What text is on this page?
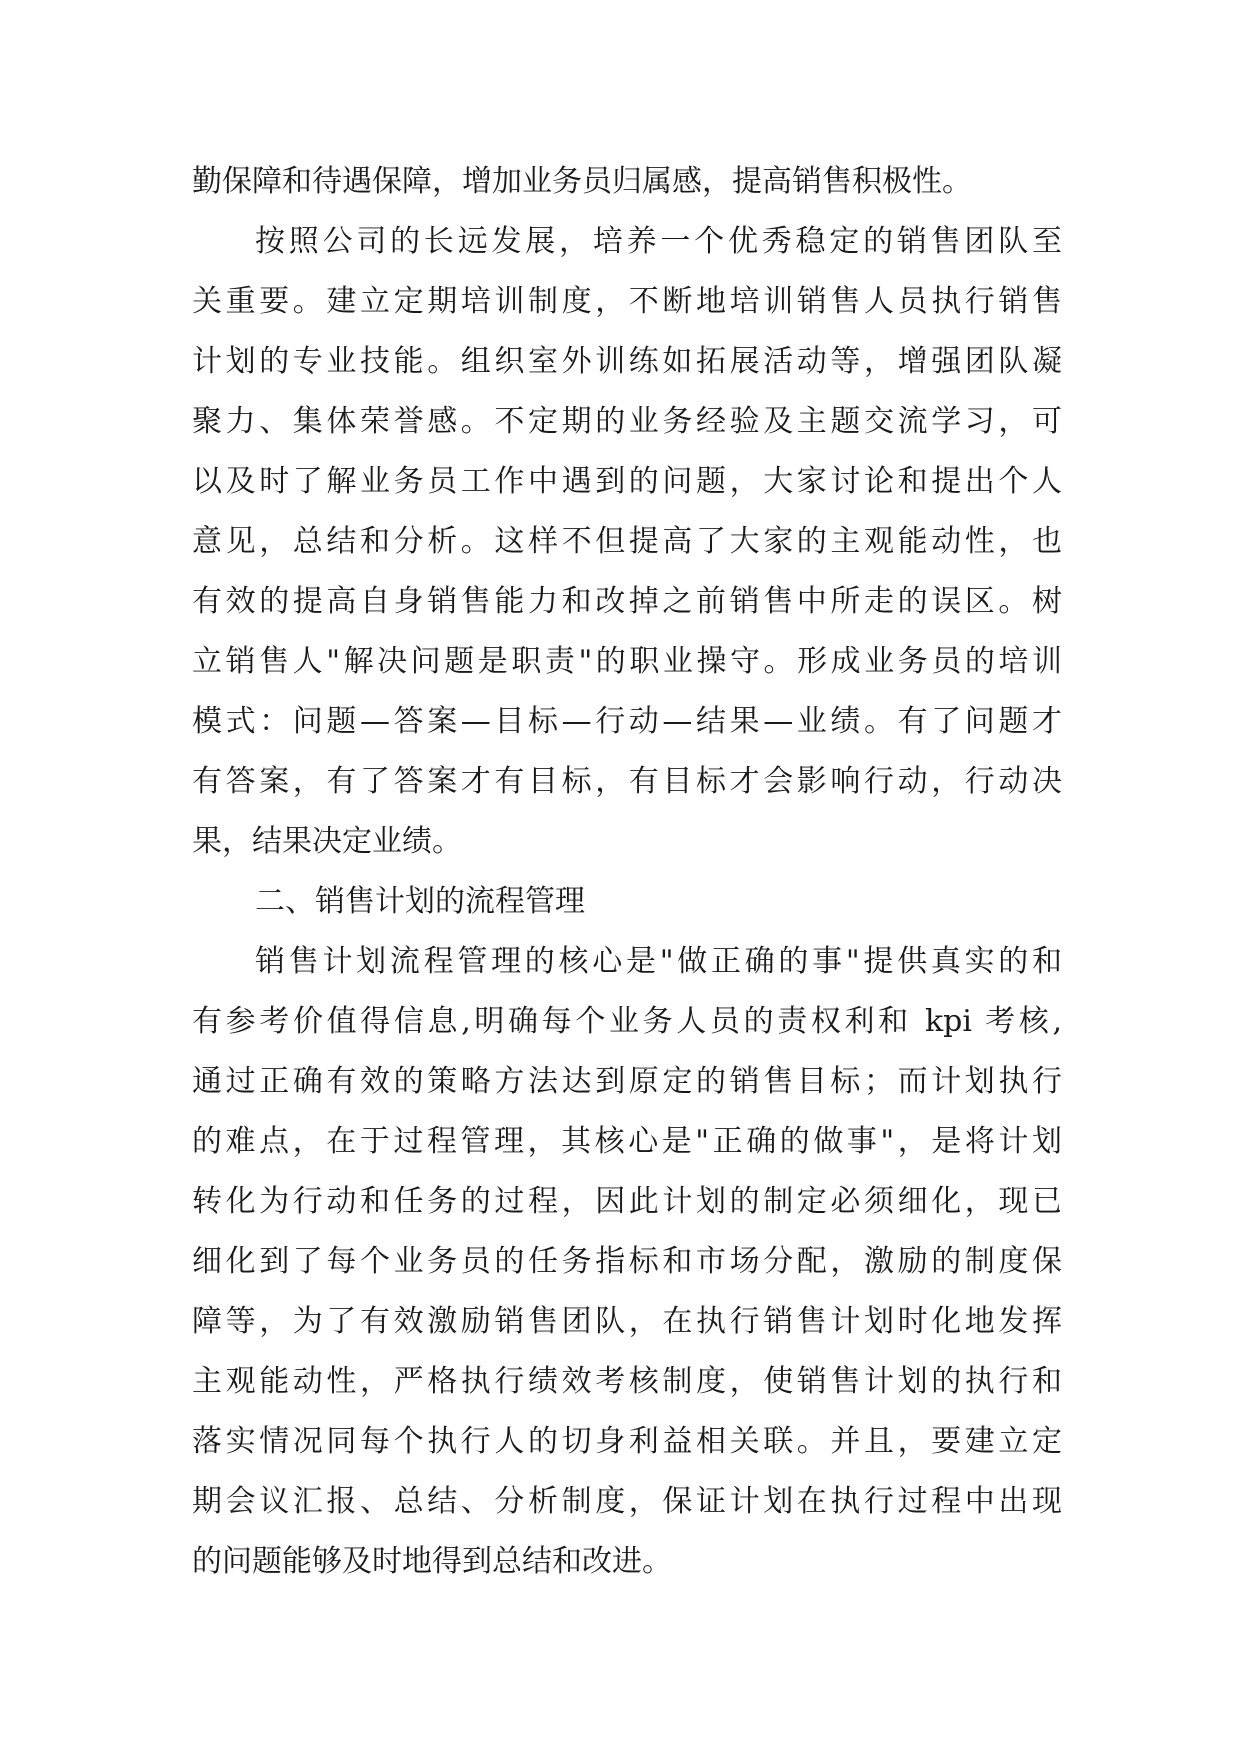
勤保障和待遇保障，增加业务员归属感，提高销售积极性。
按照公司的长远发展，培养一个优秀稳定的销售团队至
关重要。建立定期培训制度，不断地培训销售人员执行销售
计划的专业技能。组织室外训练如拓展活动等，增强团队凝
聚力、集体荣誉感。不定期的业务经验及主题交流学习，可
以及时了解业务员工作中遇到的问题，大家讨论和提出个人
意见，总结和分析。这样不但提高了大家的主观能动性，也
有效的提高自身销售能力和改掉之前销售中所走的误区。树
立销售人"解决问题是职责"的职业操守。形成业务员的培训
模式：问题—答案—目标—行动—结果—业绩。有了问题才
有答案，有了答案才有目标，有目标才会影响行动，行动决
果，结果决定业绩。
二、销售计划的流程管理
销售计划流程管理的核心是"做正确的事"提供真实的和
有参考价值得信息,明确每个业务人员的责权利和 kpi 考核,
通过正确有效的策略方法达到原定的销售目标；而计划执行
的难点，在于过程管理，其核心是"正确的做事"，是将计划
转化为行动和任务的过程，因此计划的制定必须细化，现已
细化到了每个业务员的任务指标和市场分配，激励的制度保
障等，为了有效激励销售团队，在执行销售计划时化地发挥
主观能动性，严格执行绩效考核制度，使销售计划的执行和
落实情况同每个执行人的切身利益相关联。并且，要建立定
期会议汇报、总结、分析制度，保证计划在执行过程中出现
的问题能够及时地得到总结和改进。
